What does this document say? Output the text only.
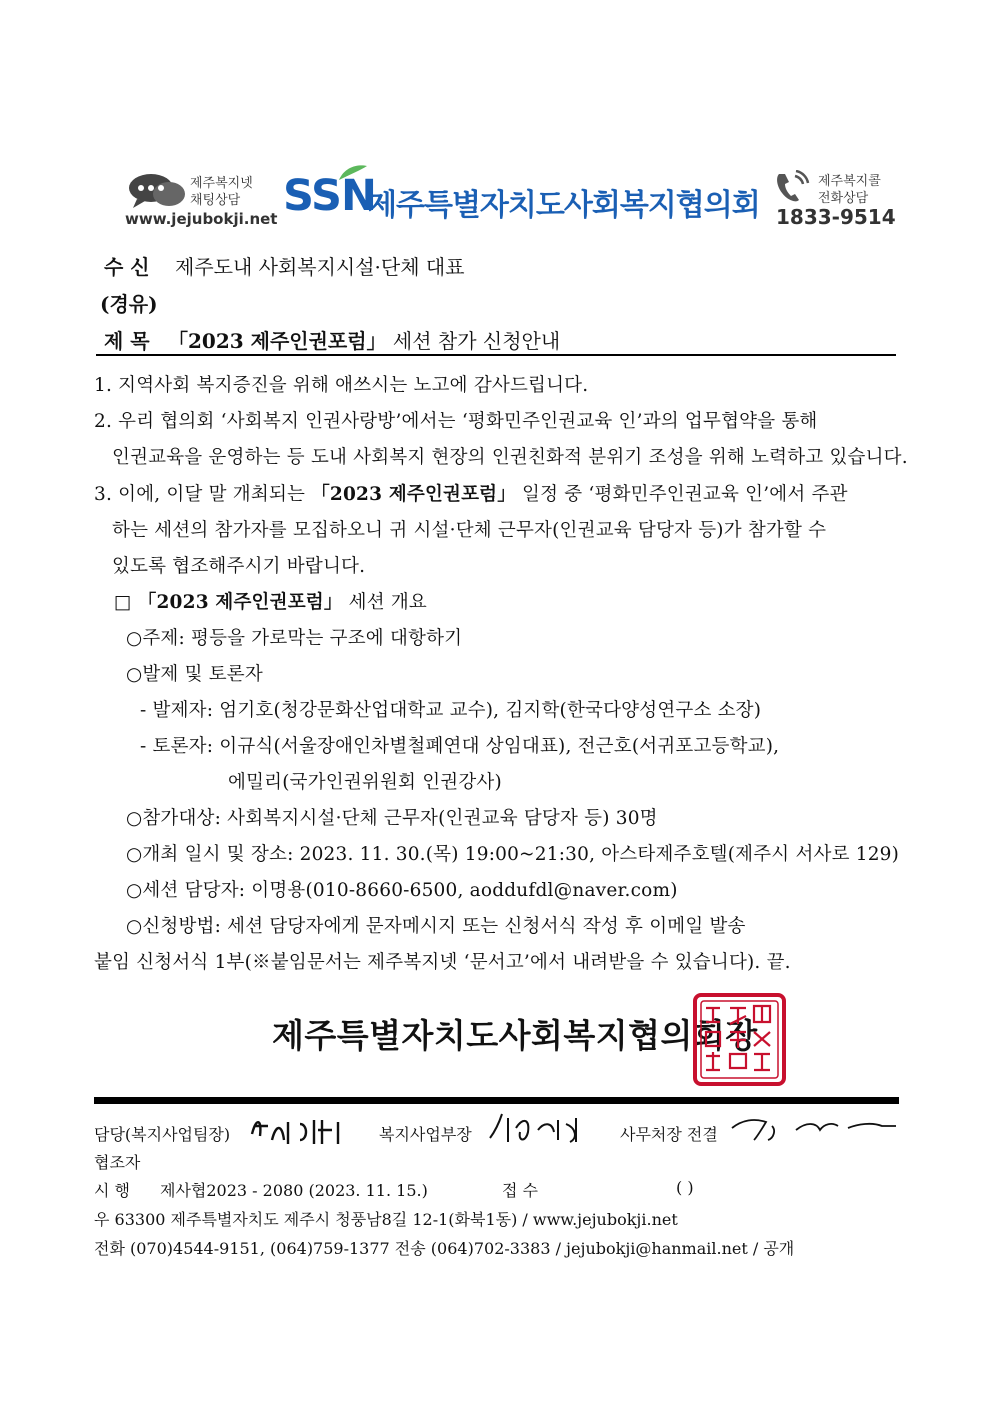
제주복지넷
채팅상담
www.jejubokji.net SSN
제주특별자치도사회복지협의회
제주복지콜
전화상담
1833-9514
수 신 제주도내 사회복지시설·단체 대표
(경유)
제 목 「2023 제주인권포럼」 세션 참가 신청안내
1. 지역사회 복지증진을 위해 애쓰시는 노고에 감사드립니다.
2. 우리 협의회 ‘사회복지 인권사랑방’에서는 ‘평화민주인권교육 인’과의 업무협약을 통해
인권교육을 운영하는 등 도내 사회복지 현장의 인권친화적 분위기 조성을 위해 노력하고 있습니다.
3. 이에, 이달 말 개최되는 「2023 제주인권포럼」 일정 중 ‘평화민주인권교육 인’에서 주관
하는 세션의 참가자를 모집하오니 귀 시설·단체 근무자(인권교육 담당자 등)가 참가할 수
있도록 협조해주시기 바랍니다.
□ 「2023 제주인권포럼」 세션 개요
○주제: 평등을 가로막는 구조에 대항하기
○발제 및 토론자
- 발제자: 엄기호(청강문화산업대학교 교수), 김지학(한국다양성연구소 소장)
- 토론자: 이규식(서울장애인차별철폐연대 상임대표), 전근호(서귀포고등학교),
에밀리(국가인권위원회 인권강사)
○참가대상: 사회복지시설·단체 근무자(인권교육 담당자 등) 30명
○개최 일시 및 장소: 2023. 11. 30.(목) 19:00~21:30, 아스타제주호텔(제주시 서사로 129)
○세션 담당자: 이명용(010-8660-6500, aoddufdl@naver.com)
○신청방법: 세션 담당자에게 문자메시지 또는 신청서식 작성 후 이메일 발송
붙임 신청서식 1부(※붙임문서는 제주복지넷 ‘문서고’에서 내려받을 수 있습니다). 끝.
제주특별자치도사회복지협의회장
담당(복지사업팀장)	복지사업부장	사무처장 전결
협조자
시 행 제사협2023 - 2080 (2023. 11. 15.)	접 수	( )
우 63300 제주특별자치도 제주시 청풍남8길 12-1(화북1동) / www.jejubokji.net
전화 (070)4544-9151, (064)759-1377 전송 (064)702-3383 / jejubokji@hanmail.net / 공개
